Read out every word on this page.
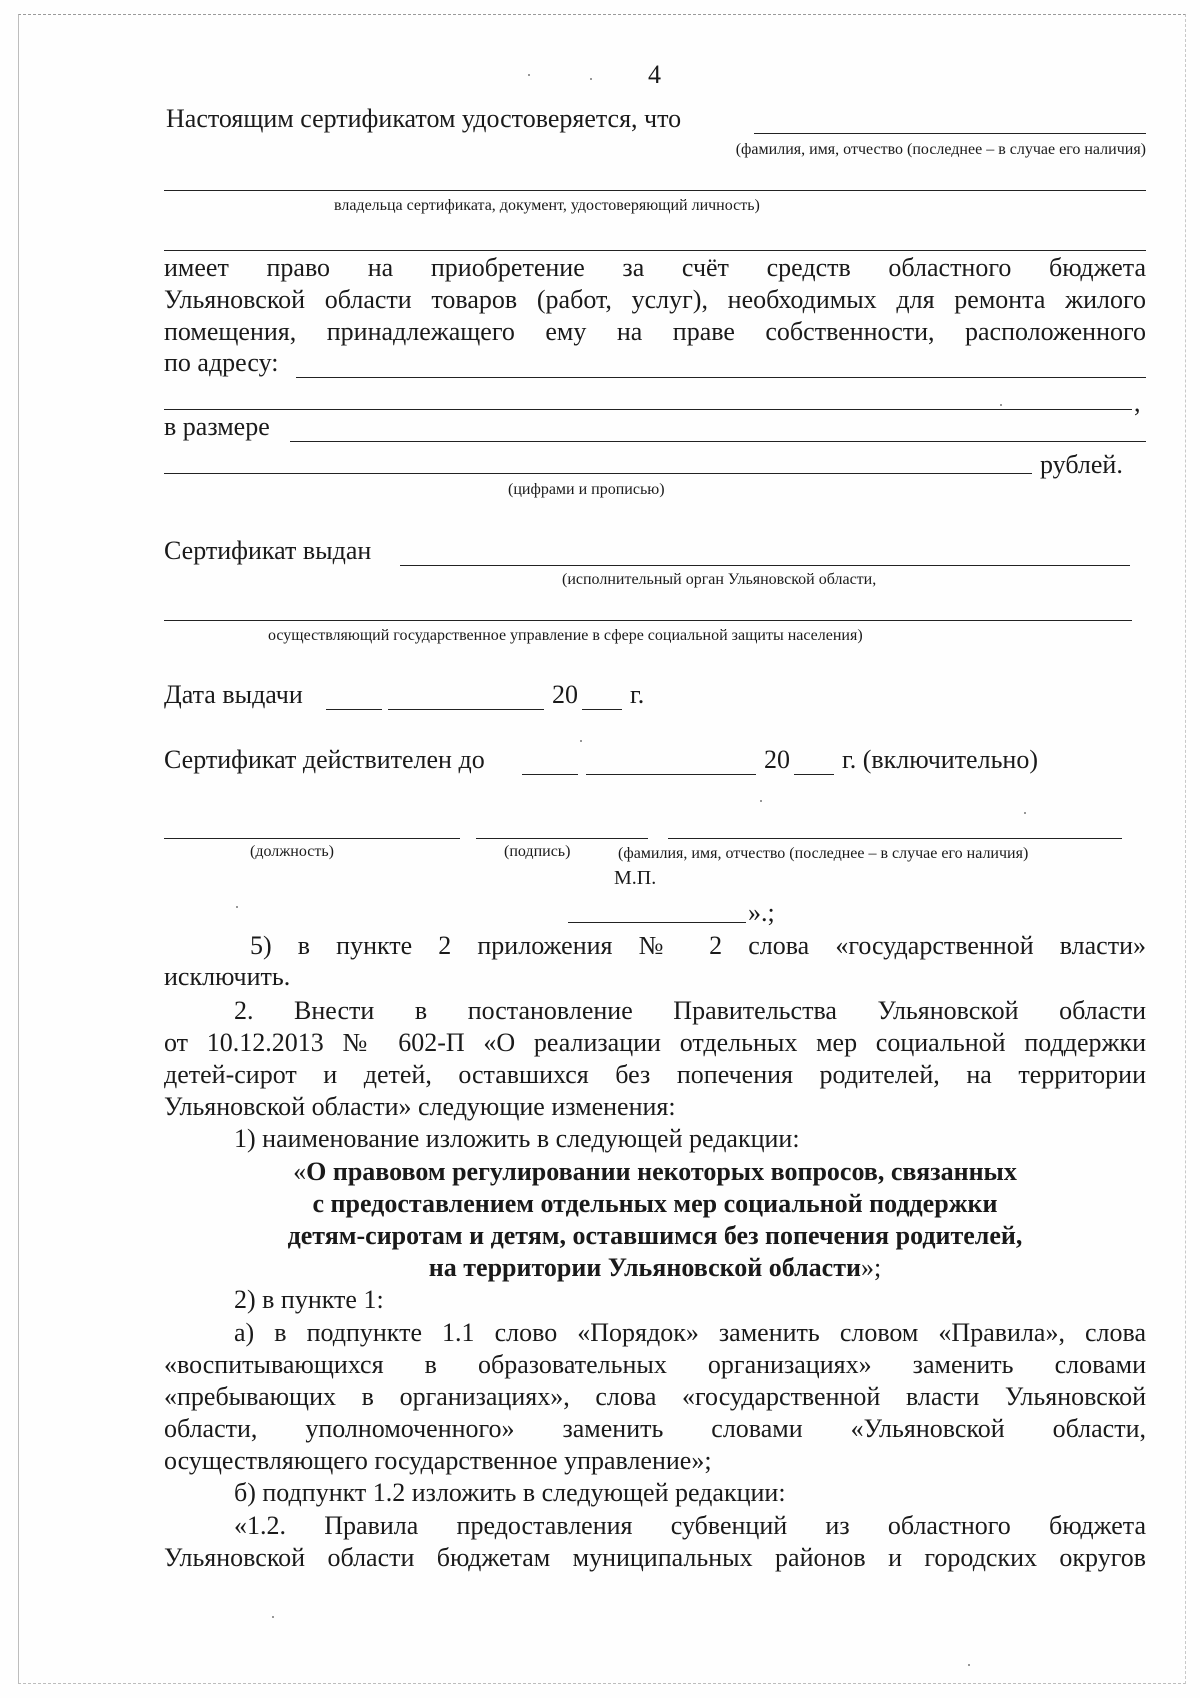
4
Настоящим сертификатом удостоверяется, что
(фамилия, имя, отчество (последнее – в случае его наличия)
владельца сертификата, документ, удостоверяющий личность)
имеет право на приобретение за счёт средств областного бюджета
Ульяновской области товаров (работ, услуг), необходимых для ремонта жилого
помещения, принадлежащего ему на праве собственности, расположенного
по адресу:
,
в размере
рублей.
(цифрами и прописью)
Сертификат выдан
(исполнительный орган Ульяновской области,
осуществляющий государственное управление в сфере социальной защиты населения)
Дата выдачи	20 г.
Сертификат действителен до	20 г. (включительно)
(должность)	(подпись)	(фамилия, имя, отчество (последнее – в случае его наличия)
М.П.
».;
5) в пункте 2 приложения № 2 слова «государственной власти»
исключить.
2. Внести в постановление Правительства Ульяновской области
от 10.12.2013 № 602-П «О реализации отдельных мер социальной поддержки
детей-сирот и детей, оставшихся без попечения родителей, на территории
Ульяновской области» следующие изменения:
1) наименование изложить в следующей редакции:
«О правовом регулировании некоторых вопросов, связанных
с предоставлением отдельных мер социальной поддержки
детям-сиротам и детям, оставшимся без попечения родителей,
на территории Ульяновской области»;
2) в пункте 1:
а) в подпункте 1.1 слово «Порядок» заменить словом «Правила», слова
«воспитывающихся в образовательных организациях» заменить словами
«пребывающих в организациях», слова «государственной власти Ульяновской
области, уполномоченного» заменить словами «Ульяновской области,
осуществляющего государственное управление»;
б) подпункт 1.2 изложить в следующей редакции:
«1.2. Правила предоставления субвенций из областного бюджета
Ульяновской области бюджетам муниципальных районов и городских округов
